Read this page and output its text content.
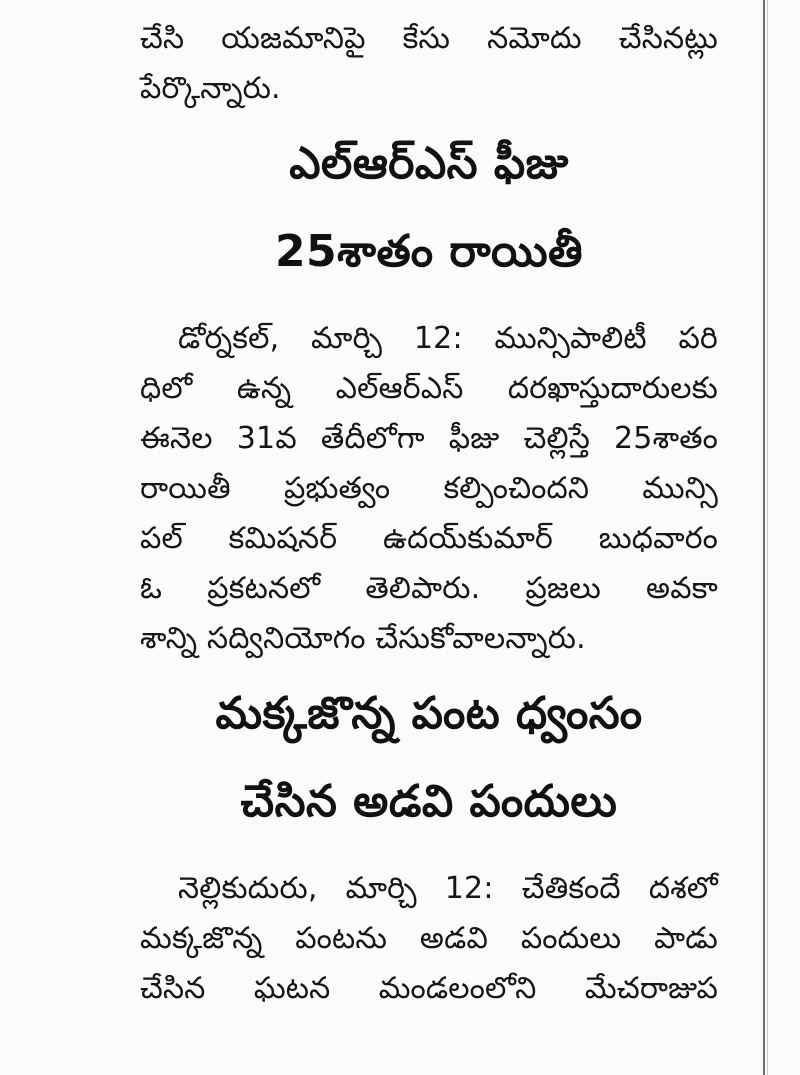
చేసి యజమానిపై కేసు నమోదు చేసినట్లు
పేర్కొన్నారు.
ఎల్‌ఆర్‌ఎస్‌ ఫీజు
25శాతం రాయితీ
డోర్నకల్‌, మార్చి 12: మున్సిపాలిటీ పరి
ధిలో ఉన్న ఎల్‌ఆర్‌ఎస్‌ దరఖాస్తుదారులకు
ఈనెల 31వ తేదీలోగా ఫీజు చెల్లిస్తే 25శాతం
రాయితీ ప్రభుత్వం కల్పించిందని మున్సి
పల్‌ కమిషనర్‌ ఉదయ్‌కుమార్‌ బుధవారం
ఓ ప్రకటనలో తెలిపారు. ప్రజలు అవకా
శాన్ని సద్వినియోగం చేసుకోవాలన్నారు.
మక్కజొన్న పంట ధ్వంసం
చేసిన అడవి పందులు
నెల్లికుదురు, మార్చి 12: చేతికందే దశలో
మక్కజొన్న పంటను అడవి పందులు పాడు
చేసిన ఘటన మండలంలోని మేచరాజుప
